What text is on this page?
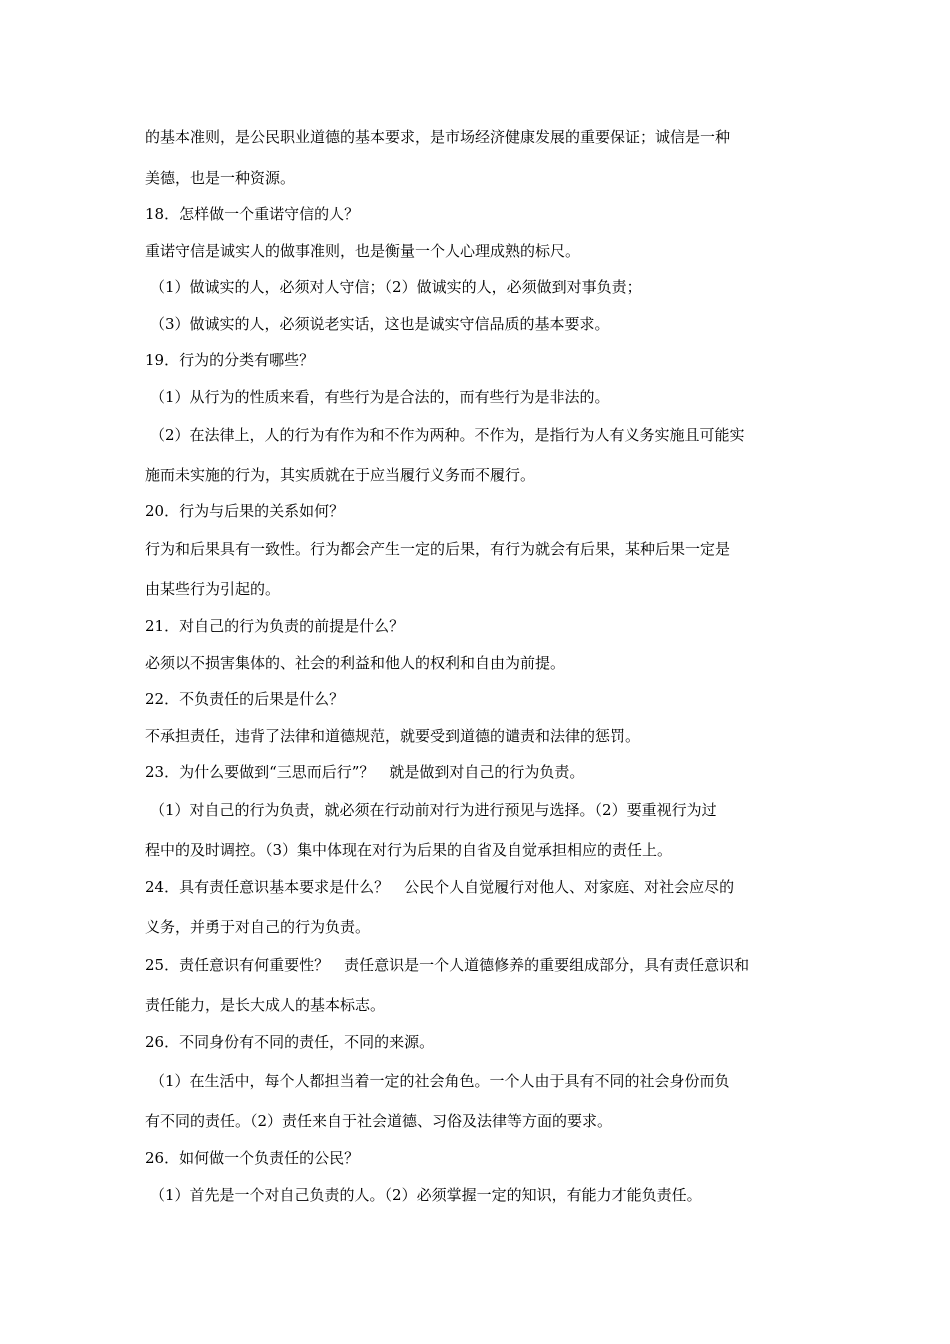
的基本准则，是公民职业道德的基本要求，是市场经济健康发展的重要保证；诚信是一种
美德，也是一种资源。
18．怎样做一个重诺守信的人？
重诺守信是诚实人的做事准则，也是衡量一个人心理成熟的标尺。
（1）做诚实的人，必须对人守信；（2）做诚实的人，必须做到对事负责；
（3）做诚实的人，必须说老实话，这也是诚实守信品质的基本要求。
19．行为的分类有哪些？
（1）从行为的性质来看，有些行为是合法的，而有些行为是非法的。
（2）在法律上，人的行为有作为和不作为两种。不作为，是指行为人有义务实施且可能实
施而未实施的行为，其实质就在于应当履行义务而不履行。
20．行为与后果的关系如何？
行为和后果具有一致性。行为都会产生一定的后果，有行为就会有后果，某种后果一定是
由某些行为引起的。
21．对自己的行为负责的前提是什么？
必须以不损害集体的、社会的利益和他人的权利和自由为前提。
22．不负责任的后果是什么？
不承担责任，违背了法律和道德规范，就要受到道德的谴责和法律的惩罚。
23．为什么要做到“三思而后行”？　就是做到对自己的行为负责。
（1）对自己的行为负责，就必须在行动前对行为进行预见与选择。（2）要重视行为过
程中的及时调控。（3）集中体现在对行为后果的自省及自觉承担相应的责任上。
24．具有责任意识基本要求是什么？　公民个人自觉履行对他人、对家庭、对社会应尽的
义务，并勇于对自己的行为负责。
25．责任意识有何重要性？　责任意识是一个人道德修养的重要组成部分，具有责任意识和
责任能力，是长大成人的基本标志。
26．不同身份有不同的责任，不同的来源。
（1）在生活中，每个人都担当着一定的社会角色。一个人由于具有不同的社会身份而负
有不同的责任。（2）责任来自于社会道德、习俗及法律等方面的要求。
26．如何做一个负责任的公民？
（1）首先是一个对自己负责的人。（2）必须掌握一定的知识，有能力才能负责任。
